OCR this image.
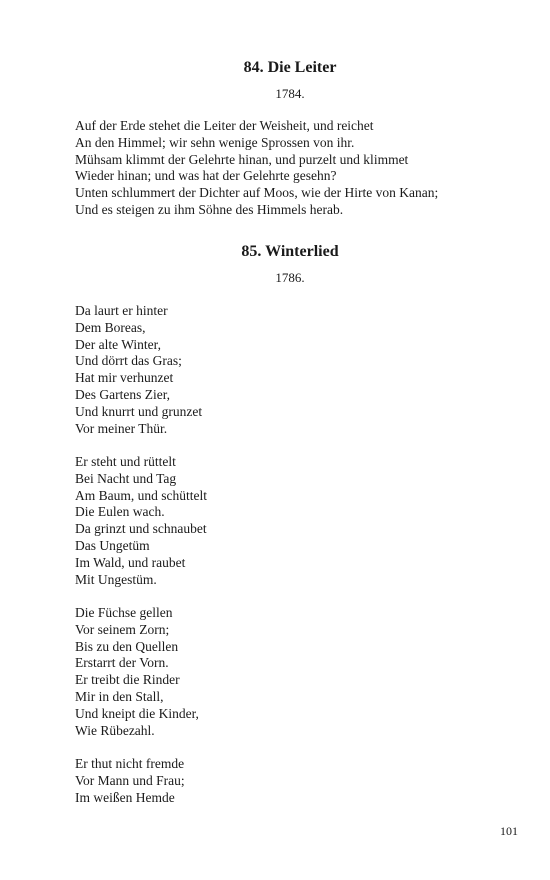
84. Die Leiter
1784.
Auf der Erde stehet die Leiter der Weisheit, und reichet
An den Himmel; wir sehn wenige Sprossen von ihr.
Mühsam klimmt der Gelehrte hinan, und purzelt und klimmet
Wieder hinan; und was hat der Gelehrte gesehn?
Unten schlummert der Dichter auf Moos, wie der Hirte von Kanan;
Und es steigen zu ihm Söhne des Himmels herab.
85. Winterlied
1786.
Da laurt er hinter
Dem Boreas,
Der alte Winter,
Und dörrt das Gras;
Hat mir verhunzet
Des Gartens Zier,
Und knurrt und grunzet
Vor meiner Thür.
Er steht und rüttelt
Bei Nacht und Tag
Am Baum, und schüttelt
Die Eulen wach.
Da grinzt und schnaubet
Das Ungetüm
Im Wald, und raubet
Mit Ungestüm.
Die Füchse gellen
Vor seinem Zorn;
Bis zu den Quellen
Erstarrt der Vorn.
Er treibt die Rinder
Mir in den Stall,
Und kneipt die Kinder,
Wie Rübezahl.
Er thut nicht fremde
Vor Mann und Frau;
Im weißen Hemde
101
